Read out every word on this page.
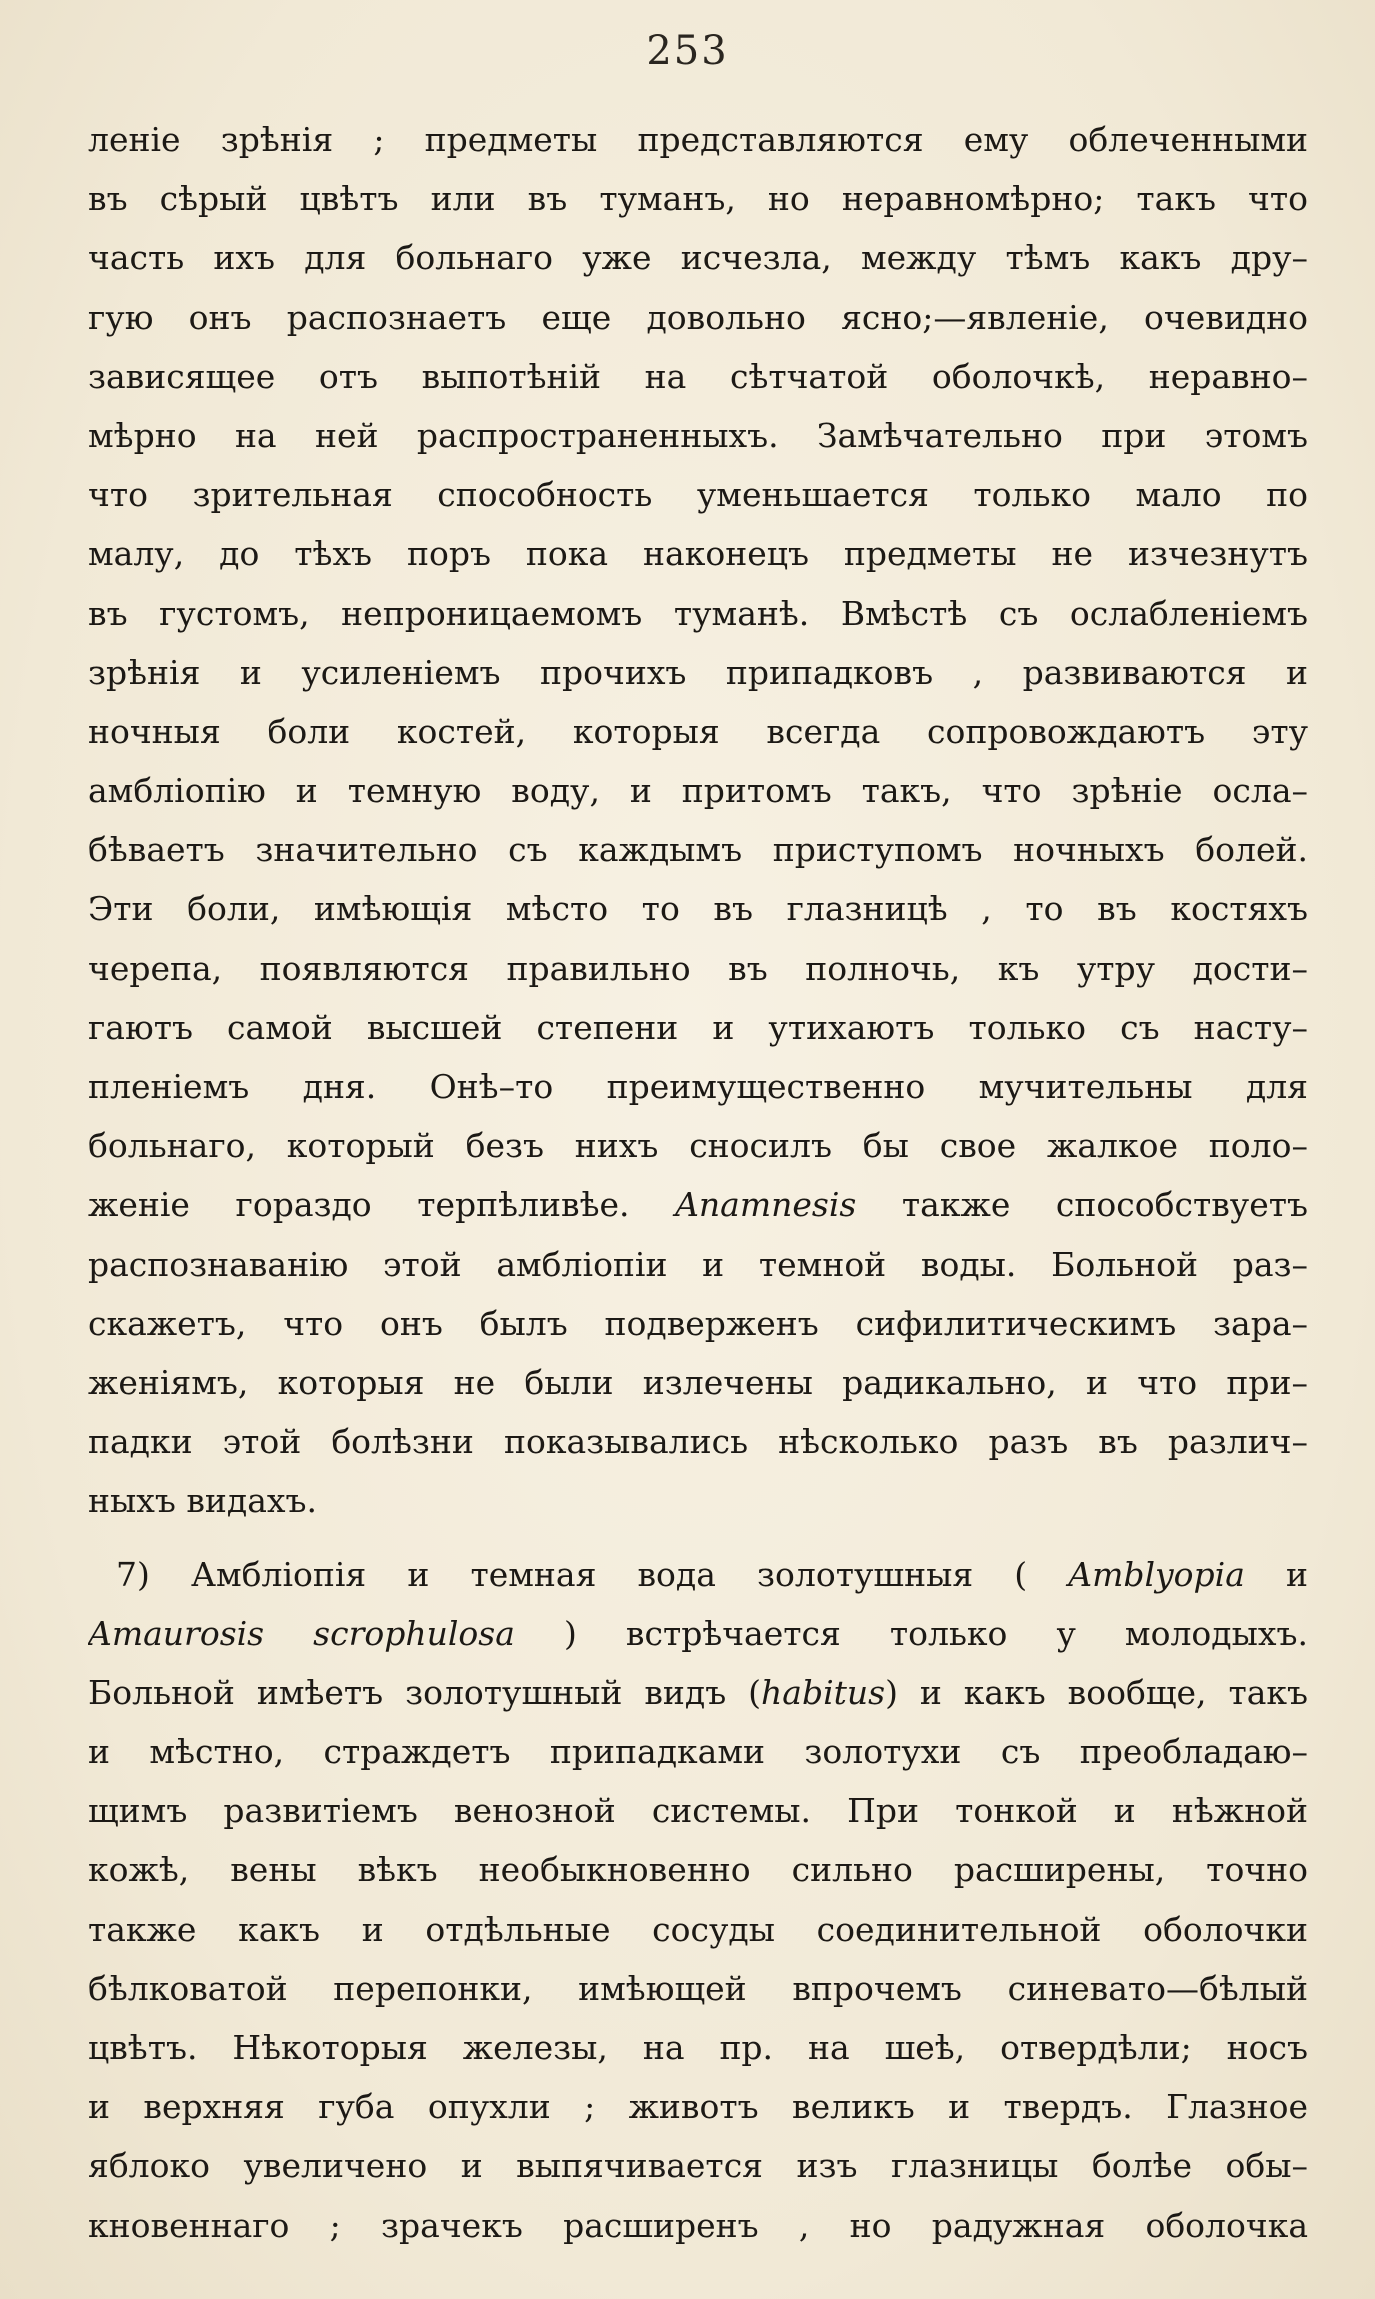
253
леніе зрѣнія ; предметы представляются ему облеченными
въ сѣрый цвѣтъ или въ туманъ, но неравномѣрно; такъ что
часть ихъ для больнаго уже исчезла, между тѣмъ какъ дру–
гую онъ распознаетъ еще довольно ясно;—явленіе, очевидно
зависящее отъ выпотѣній на сѣтчатой оболочкѣ, неравно–
мѣрно на ней распространенныхъ. Замѣчательно при этомъ
что зрительная способность уменьшается только мало по
малу, до тѣхъ поръ пока наконецъ предметы не изчезнутъ
въ густомъ, непроницаемомъ туманѣ. Вмѣстѣ съ ослабленіемъ
зрѣнія и усиленіемъ прочихъ припадковъ , развиваются и
ночныя боли костей, которыя всегда сопровождаютъ эту
амбліопію и темную воду, и притомъ такъ, что зрѣніе осла–
бѣваетъ значительно съ каждымъ приступомъ ночныхъ болей.
Эти боли, имѣющія мѣсто то въ глазницѣ , то въ костяхъ
черепа, появляются правильно въ полночь, къ утру дости–
гаютъ самой высшей степени и утихаютъ только съ насту–
пленіемъ дня. Онѣ–то преимущественно мучительны для
больнаго, который безъ нихъ сносилъ бы свое жалкое поло–
женіе гораздо терпѣливѣе. Anamnesis также способствуетъ
распознаванію этой амбліопіи и темной воды. Больной раз–
скажетъ, что онъ былъ подверженъ сифилитическимъ зара–
женіямъ, которыя не были излечены радикально, и что при–
падки этой болѣзни показывались нѣсколько разъ въ различ–
ныхъ видахъ.
7) Амбліопія и темная вода золотушныя ( Amblyopia и
Amaurosis scrophulosa ) встрѣчается только у молодыхъ.
Больной имѣетъ золотушный видъ (habitus) и какъ вообще, такъ
и мѣстно, страждетъ припадками золотухи съ преобладаю–
щимъ развитіемъ венозной системы. При тонкой и нѣжной
кожѣ, вены вѣкъ необыкновенно сильно расширены, точно
также какъ и отдѣльные сосуды соединительной оболочки
бѣлковатой перепонки, имѣющей впрочемъ синевато—бѣлый
цвѣтъ. Нѣкоторыя железы, на пр. на шеѣ, отвердѣли; носъ
и верхняя губа опухли ; животъ великъ и твердъ. Глазное
яблоко увеличено и выпячивается изъ глазницы болѣе обы–
кновеннаго ; зрачекъ расширенъ , но радужная оболочка
